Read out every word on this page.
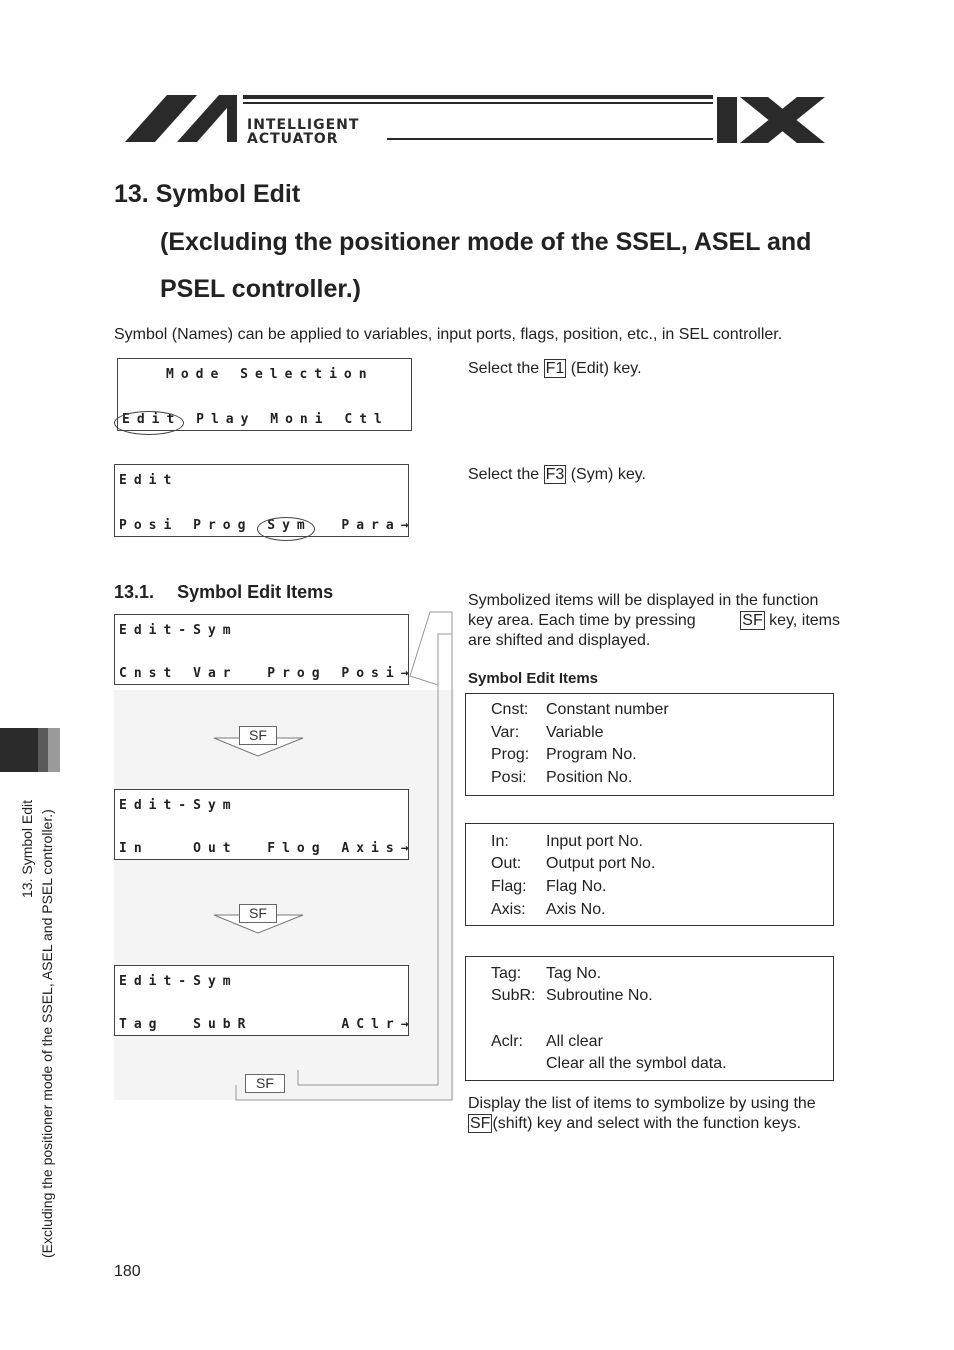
INTELLIGENT
ACTUATOR
13. Symbol Edit
(Excluding the positioner mode of the SSEL, ASEL and
PSEL controller.)
Symbol (Names) can be applied to variables, input ports, flags, position, etc., in SEL controller.
Mode Selection
Edit Play Moni Ctl
Select the F1 (Edit) key.
Edit
Posi Prog Sym  Para→
Select the F3 (Sym) key.
13.1. Symbol Edit Items
Edit-Sym
Cnst Var  Prog Posi→
SF
Edit-Sym
In   Out  Flog Axis→
SF
Edit-Sym
Tag  SubR      AClr→
SF
Symbolized items will be displayed in the function
key area. Each time by pressing	SF key, items
are shifted and displayed.
Symbol Edit Items
Cnst: Constant number
Var: Variable
Prog: Program No.
Posi: Position No.
In: Input port No.
Out: Output port No.
Flag: Flag No.
Axis: Axis No.
Tag: Tag No.
SubR: Subroutine No.
Aclr: All clear
Clear all the symbol data.
Display the list of items to symbolize by using the
SF (shift) key and select with the function keys.
13. Symbol Edit (Excluding the positioner mode of the SSEL, ASEL and PSEL controller.)
180
